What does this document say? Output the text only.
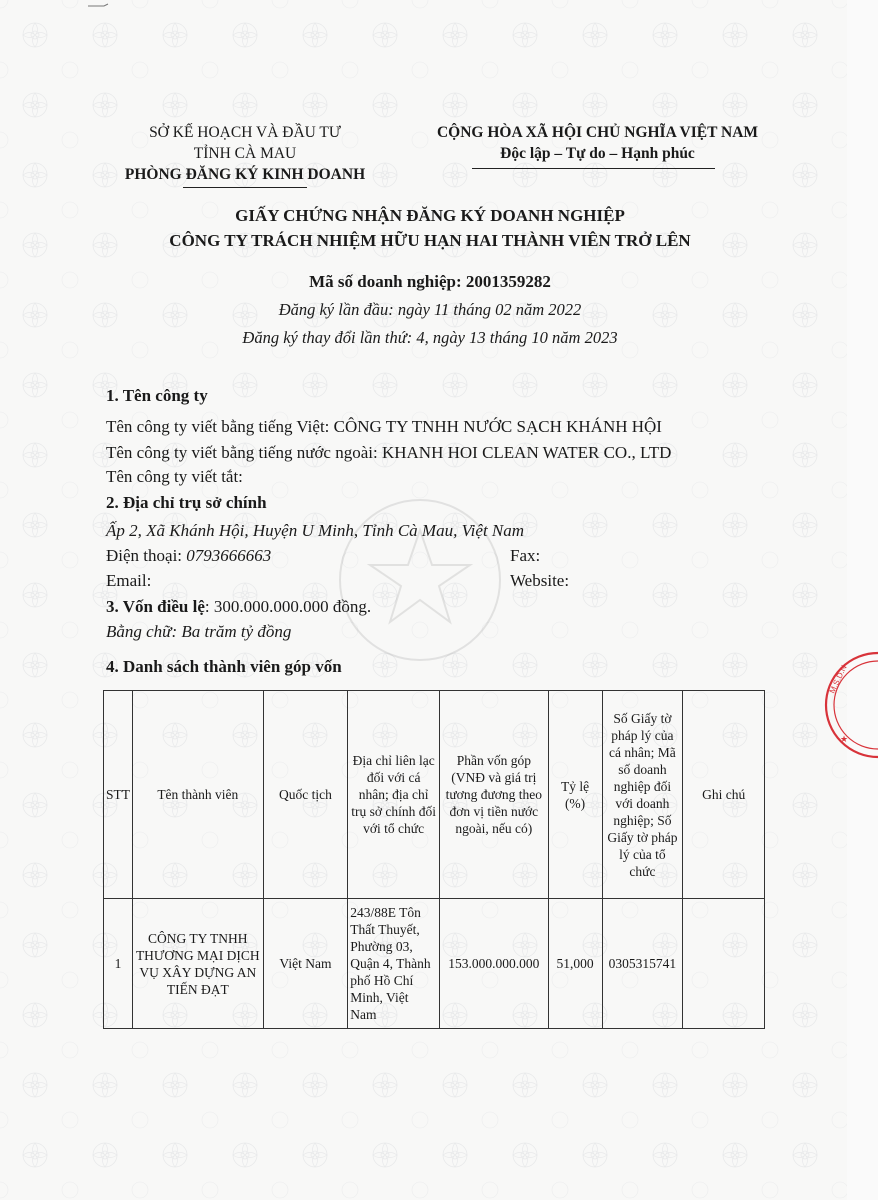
SỞ KẾ HOẠCH VÀ ĐẦU TƯ
TỈNH CÀ MAU
PHÒNG ĐĂNG KÝ KINH DOANH
CỘNG HÒA XÃ HỘI CHỦ NGHĨA VIỆT NAM
Độc lập – Tự do – Hạnh phúc
GIẤY CHỨNG NHẬN ĐĂNG KÝ DOANH NGHIỆP
CÔNG TY TRÁCH NHIỆM HỮU HẠN HAI THÀNH VIÊN TRỞ LÊN
Mã số doanh nghiệp: 2001359282
Đăng ký lần đầu: ngày 11 tháng 02 năm 2022
Đăng ký thay đổi lần thứ: 4, ngày 13 tháng 10 năm 2023
1. Tên công ty
Tên công ty viết bằng tiếng Việt: CÔNG TY TNHH NƯỚC SẠCH KHÁNH HỘI
Tên công ty viết bằng tiếng nước ngoài: KHANH HOI CLEAN WATER CO., LTD
Tên công ty viết tắt:
2. Địa chỉ trụ sở chính
Ấp 2, Xã Khánh Hội, Huyện U Minh, Tỉnh Cà Mau, Việt Nam
Điện thoại: 0793666663	Fax:
Email:	Website:
3. Vốn điều lệ: 300.000.000.000 đồng.
Bằng chữ: Ba trăm tỷ đồng
4. Danh sách thành viên góp vốn
STT	Tên thành viên	Quốc tịch	Địa chỉ liên lạc đối với cá nhân; địa chỉ trụ sở chính đối với tổ chức	Phần vốn góp (VNĐ và giá trị tương đương theo đơn vị tiền nước ngoài, nếu có)	Tỷ lệ (%)	Số Giấy tờ pháp lý của cá nhân; Mã số doanh nghiệp đối với doanh nghiệp; Số Giấy tờ pháp lý của tổ chức	Ghi chú
1	CÔNG TY TNHH THƯƠNG MẠI DỊCH VỤ XÂY DỰNG AN TIẾN ĐẠT	Việt Nam	243/88E Tôn Thất Thuyết, Phường 03, Quận 4, Thành phố Hồ Chí Minh, Việt Nam	153.000.000.000	51,000	0305315741	
M.S.D.N
★
